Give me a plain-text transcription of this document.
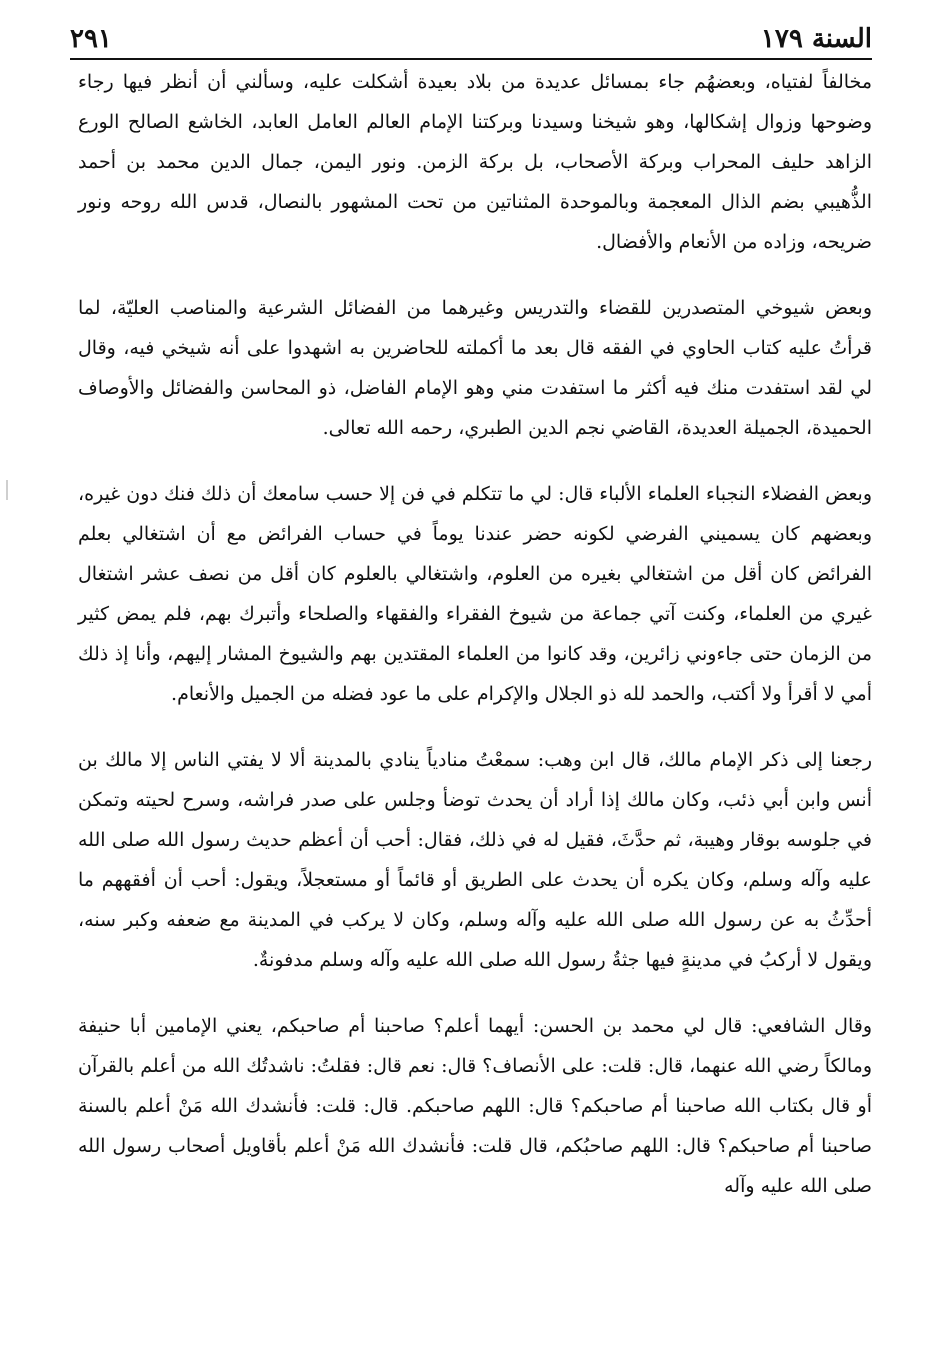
السنة ١٧٩
٢٩١

مخالفاً لفتياه، وبعضهُم جاء بمسائل عديدة من بلاد بعيدة أشكلت عليه، وسألني أن أنظر فيها رجاء وضوحها وزوال إشكالها، وهو شيخنا وسيدنا وبركتنا الإمام العالم العامل العابد، الخاشع الصالح الورع الزاهد حليف المحراب وبركة الأصحاب، بل بركة الزمن. ونور اليمن، جمال الدين محمد بن أحمد الذُّهيبي بضم الذال المعجمة وبالموحدة المثناتين من تحت المشهور بالنصال، قدس الله روحه ونور ضريحه، وزاده من الأنعام والأفضال.

وبعض شيوخي المتصدرين للقضاء والتدريس وغيرهما من الفضائل الشرعية والمناصب العليّة، لما قرأتُ عليه كتاب الحاوي في الفقه قال بعد ما أكملته للحاضرين به اشهدوا على أنه شيخي فيه، وقال لي لقد استفدت منك فيه أكثر ما استفدت مني وهو الإمام الفاضل، ذو المحاسن والفضائل والأوصاف الحميدة، الجميلة العديدة، القاضي نجم الدين الطبري، رحمه الله تعالى.

وبعض الفضلاء النجباء العلماء الألباء قال: لي ما تتكلم في فن إلا حسب سامعك أن ذلك فنك دون غيره، وبعضهم كان يسميني الفرضي لكونه حضر عندنا يوماً في حساب الفرائض مع أن اشتغالي بعلم الفرائض كان أقل من اشتغالي بغيره من العلوم، واشتغالي بالعلوم كان أقل من نصف عشر اشتغال غيري من العلماء، وكنت آتي جماعة من شيوخ الفقراء والفقهاء والصلحاء وأتبرك بهم، فلم يمض كثير من الزمان حتى جاءوني زائرين، وقد كانوا من العلماء المقتدين بهم والشيوخ المشار إليهم، وأنا إذ ذلك أمي لا أقرأ ولا أكتب، والحمد لله ذو الجلال والإكرام على ما عود فضله من الجميل والأنعام.

رجعنا إلى ذكر الإمام مالك، قال ابن وهب: سمعْتُ منادياً ينادي بالمدينة ألا لا يفتي الناس إلا مالك بن أنس وابن أبي ذئب، وكان مالك إذا أراد أن يحدث توضأ وجلس على صدر فراشه، وسرح لحيته وتمكن في جلوسه بوقار وهيبة، ثم حدَّثَ، فقيل له في ذلك، فقال: أحب أن أعظم حديث رسول الله صلى الله عليه وآله وسلم، وكان يكره أن يحدث على الطريق أو قائماً أو مستعجلاً، ويقول: أحب أن أفقههم ما أحدِّثُ به عن رسول الله صلى الله عليه وآله وسلم، وكان لا يركب في المدينة مع ضعفه وكبر سنه، ويقول لا أركبُ في مدينةٍ فيها جثةُ رسول الله صلى الله عليه وآله وسلم مدفونةٌ.

وقال الشافعي: قال لي محمد بن الحسن: أيهما أعلم؟ صاحبنا أم صاحبكم، يعني الإمامين أبا حنيفة ومالكاً رضي الله عنهما، قال: قلت: على الأنصاف؟ قال: نعم قال: فقلتُ: ناشدتُك الله من أعلم بالقرآن أو قال بكتاب الله صاحبنا أم صاحبكم؟ قال: اللهم صاحبكم. قال: قلت: فأنشدك الله مَنْ أعلم بالسنة صاحبنا أم صاحبكم؟ قال: اللهم صاحبُكم، قال قلت: فأنشدك الله مَنْ أعلم بأقاويل أصحاب رسول الله صلى الله عليه وآله
